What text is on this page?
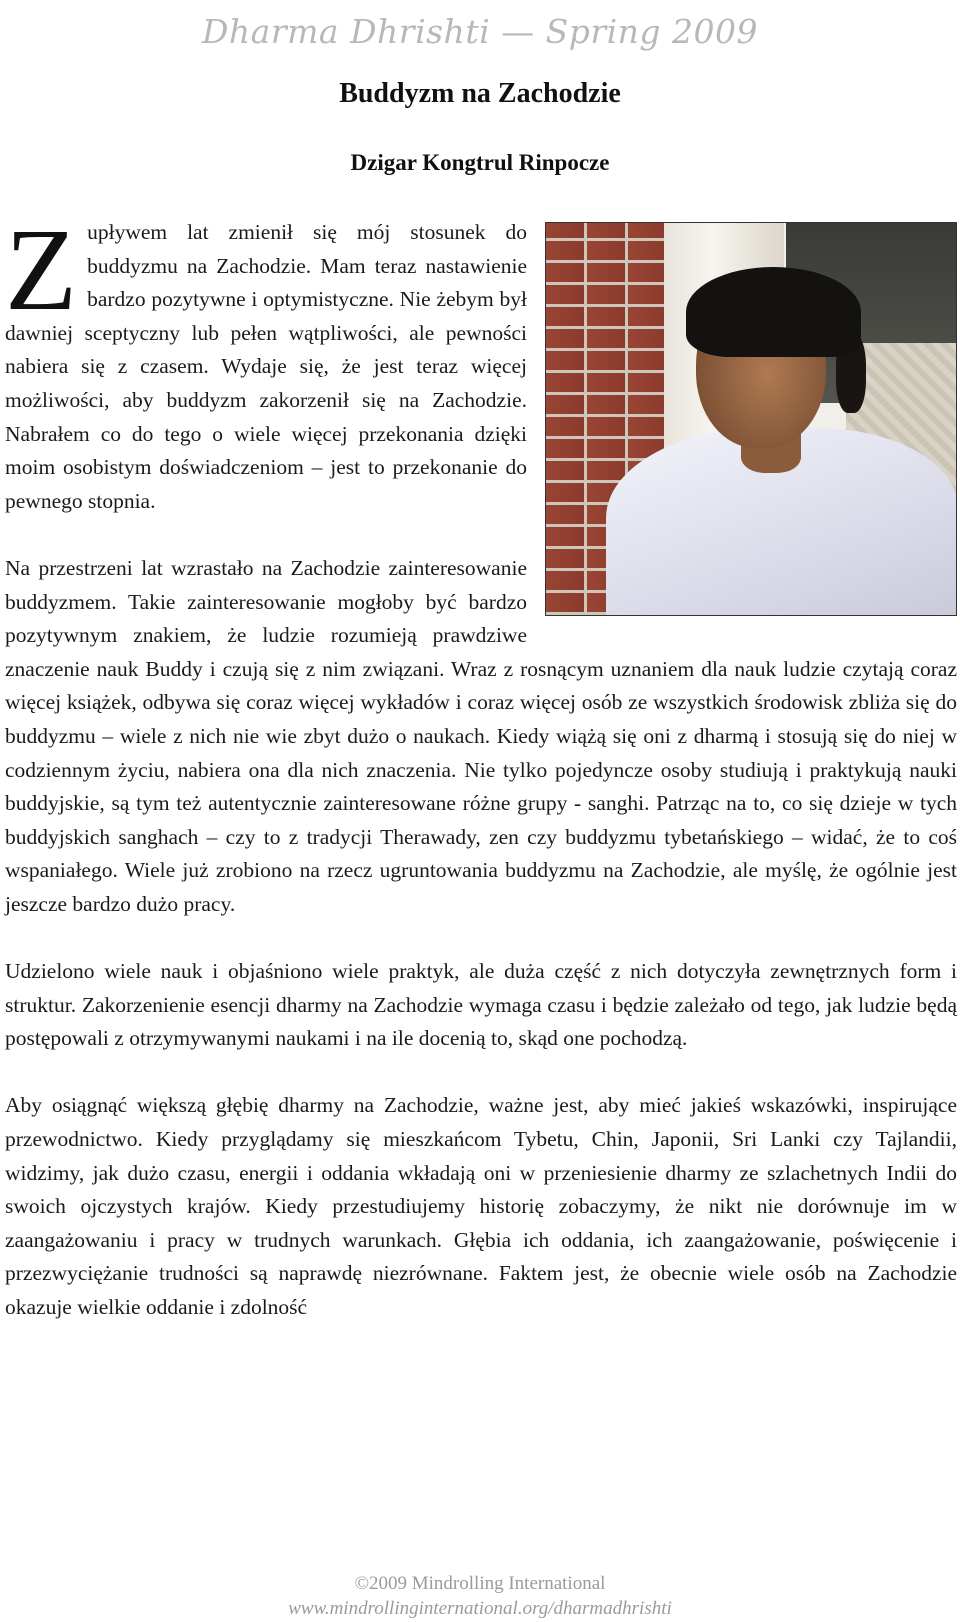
Dharma Dhrishti — Spring 2009
Buddyzm na Zachodzie
Dzigar Kongtrul Rinpocze
Z upływem lat zmienił się mój stosunek do buddyzmu na Zachodzie. Mam teraz nastawienie bardzo pozytywne i optymistyczne. Nie żebym był dawniej sceptyczny lub pełen wątpliwości, ale pewności nabiera się z czasem. Wydaje się, że jest teraz więcej możliwości, aby buddyzm zakorzenił się na Zachodzie. Nabrałem co do tego o wiele więcej przekonania dzięki moim osobistym doświadczeniom – jest to przekonanie do pewnego stopnia.

Na przestrzeni lat wzrastało na Zachodzie zainteresowanie buddyzmem. Takie zainteresowanie mogłoby być bardzo pozytywnym znakiem, że ludzie rozumieją prawdziwe znaczenie nauk Buddy i czują się z nim związani. Wraz z rosnącym uznaniem dla nauk ludzie czytają coraz więcej książek, odbywa się coraz więcej wykładów i coraz więcej osób ze wszystkich środowisk zbliża się do buddyzmu – wiele z nich nie wie zbyt dużo o naukach. Kiedy wiążą się oni z dharmą i stosują się do niej w codziennym życiu, nabiera ona dla nich znaczenia. Nie tylko pojedyncze osoby studiują i praktykują nauki buddyjskie, są tym też autentycznie zainteresowane różne grupy - sanghi. Patrząc na to, co się dzieje w tych buddyjskich sanghach – czy to z tradycji Therawady, zen czy buddyzmu tybetańskiego – widać, że to coś wspaniałego. Wiele już zrobiono na rzecz ugruntowania buddyzmu na Zachodzie, ale myślę, że ogólnie jest jeszcze bardzo dużo pracy.

Udzielono wiele nauk i objaśniono wiele praktyk, ale duża część z nich dotyczyła zewnętrznych form i struktur. Zakorzenienie esencji dharmy na Zachodzie wymaga czasu i będzie zależało od tego, jak ludzie będą postępowali z otrzymywanymi naukami i na ile docenią to, skąd one pochodzą.

Aby osiągnąć większą głębię dharmy na Zachodzie, ważne jest, aby mieć jakieś wskazówki, inspirujące przewodnictwo. Kiedy przyglądamy się mieszkańcom Tybetu, Chin, Japonii, Sri Lanki czy Tajlandii, widzimy, jak dużo czasu, energii i oddania wkładają oni w przeniesienie dharmy ze szlachetnych Indii do swoich ojczystych krajów. Kiedy przestudiujemy historię zobaczymy, że nikt nie dorównuje im w zaangażowaniu i pracy w trudnych warunkach. Głębia ich oddania, ich zaangażowanie, poświęcenie i przezwyciężanie trudności są naprawdę niezrównane. Faktem jest, że obecnie wiele osób na Zachodzie okazuje wielkie oddanie i zdolność

©2009 Mindrolling International
www.mindrollinginternational.org/dharmadhrishti
